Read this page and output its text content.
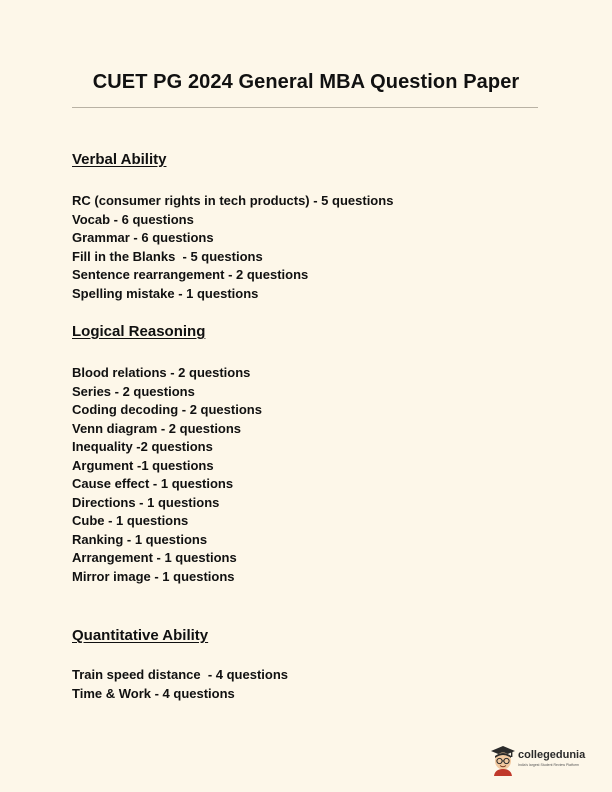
CUET PG 2024 General MBA Question Paper
Verbal Ability
RC (consumer rights in tech products) - 5 questions
Vocab - 6 questions
Grammar - 6 questions
Fill in the Blanks  - 5 questions
Sentence rearrangement - 2 questions
Spelling mistake - 1 questions
Logical Reasoning
Blood relations - 2 questions
Series - 2 questions
Coding decoding - 2 questions
Venn diagram - 2 questions
Inequality -2 questions
Argument -1 questions
Cause effect - 1 questions
Directions - 1 questions
Cube - 1 questions
Ranking - 1 questions
Arrangement - 1 questions
Mirror image - 1 questions
Quantitative Ability
Train speed distance  - 4 questions
Time & Work - 4 questions
collegedunia
India's largest Student Review Platform
